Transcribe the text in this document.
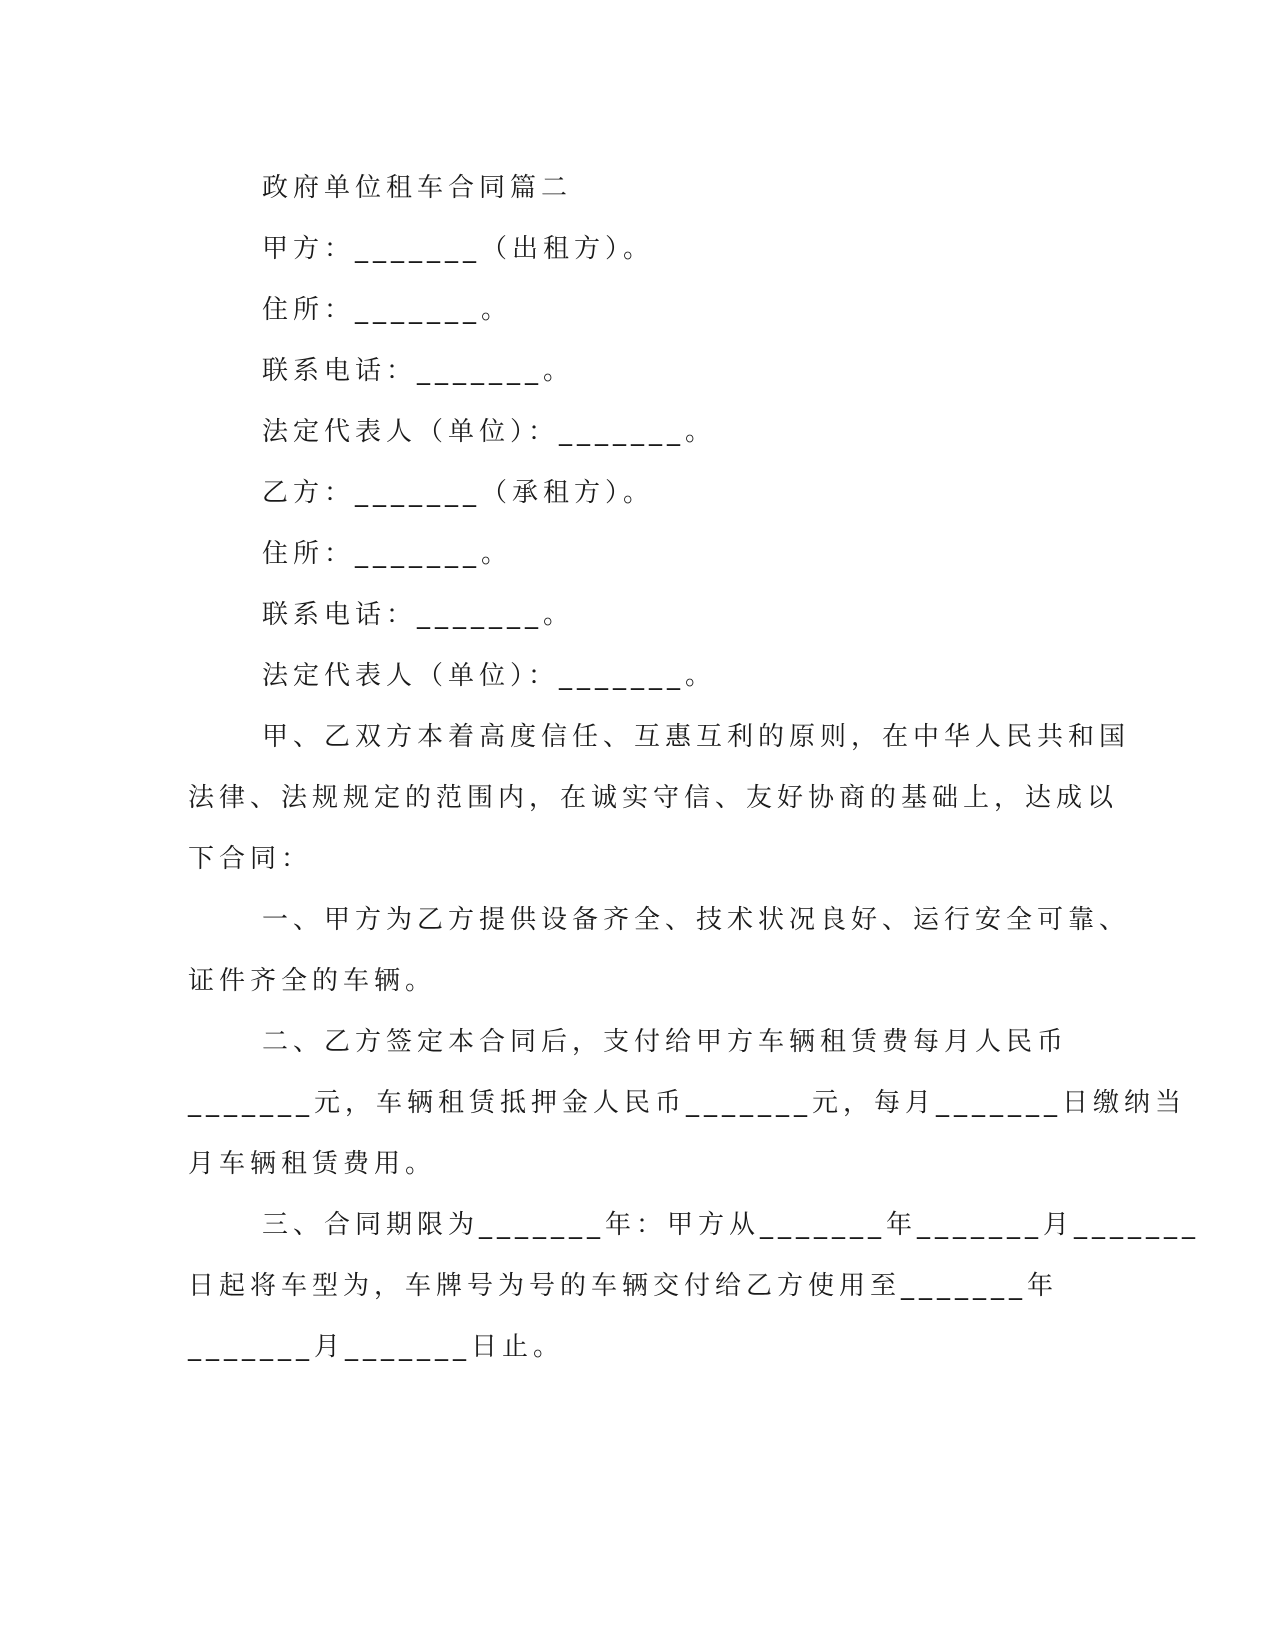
政府单位租车合同篇二

甲方：_______（出租方）。

住所：_______。

联系电话：_______。

法定代表人（单位）：_______。

乙方：_______（承租方）。

住所：_______。

联系电话：_______。

法定代表人（单位）：_______。

甲、乙双方本着高度信任、互惠互利的原则，在中华人民共和国

法律、法规规定的范围内，在诚实守信、友好协商的基础上，达成以

下合同：

一、甲方为乙方提供设备齐全、技术状况良好、运行安全可靠、

证件齐全的车辆。

二、乙方签定本合同后，支付给甲方车辆租赁费每月人民币

_______元，车辆租赁抵押金人民币_______元，每月_______日缴纳当

月车辆租赁费用。

三、合同期限为_______年：甲方从_______年_______月_______

日起将车型为，车牌号为号的车辆交付给乙方使用至_______年

_______月_______日止。
